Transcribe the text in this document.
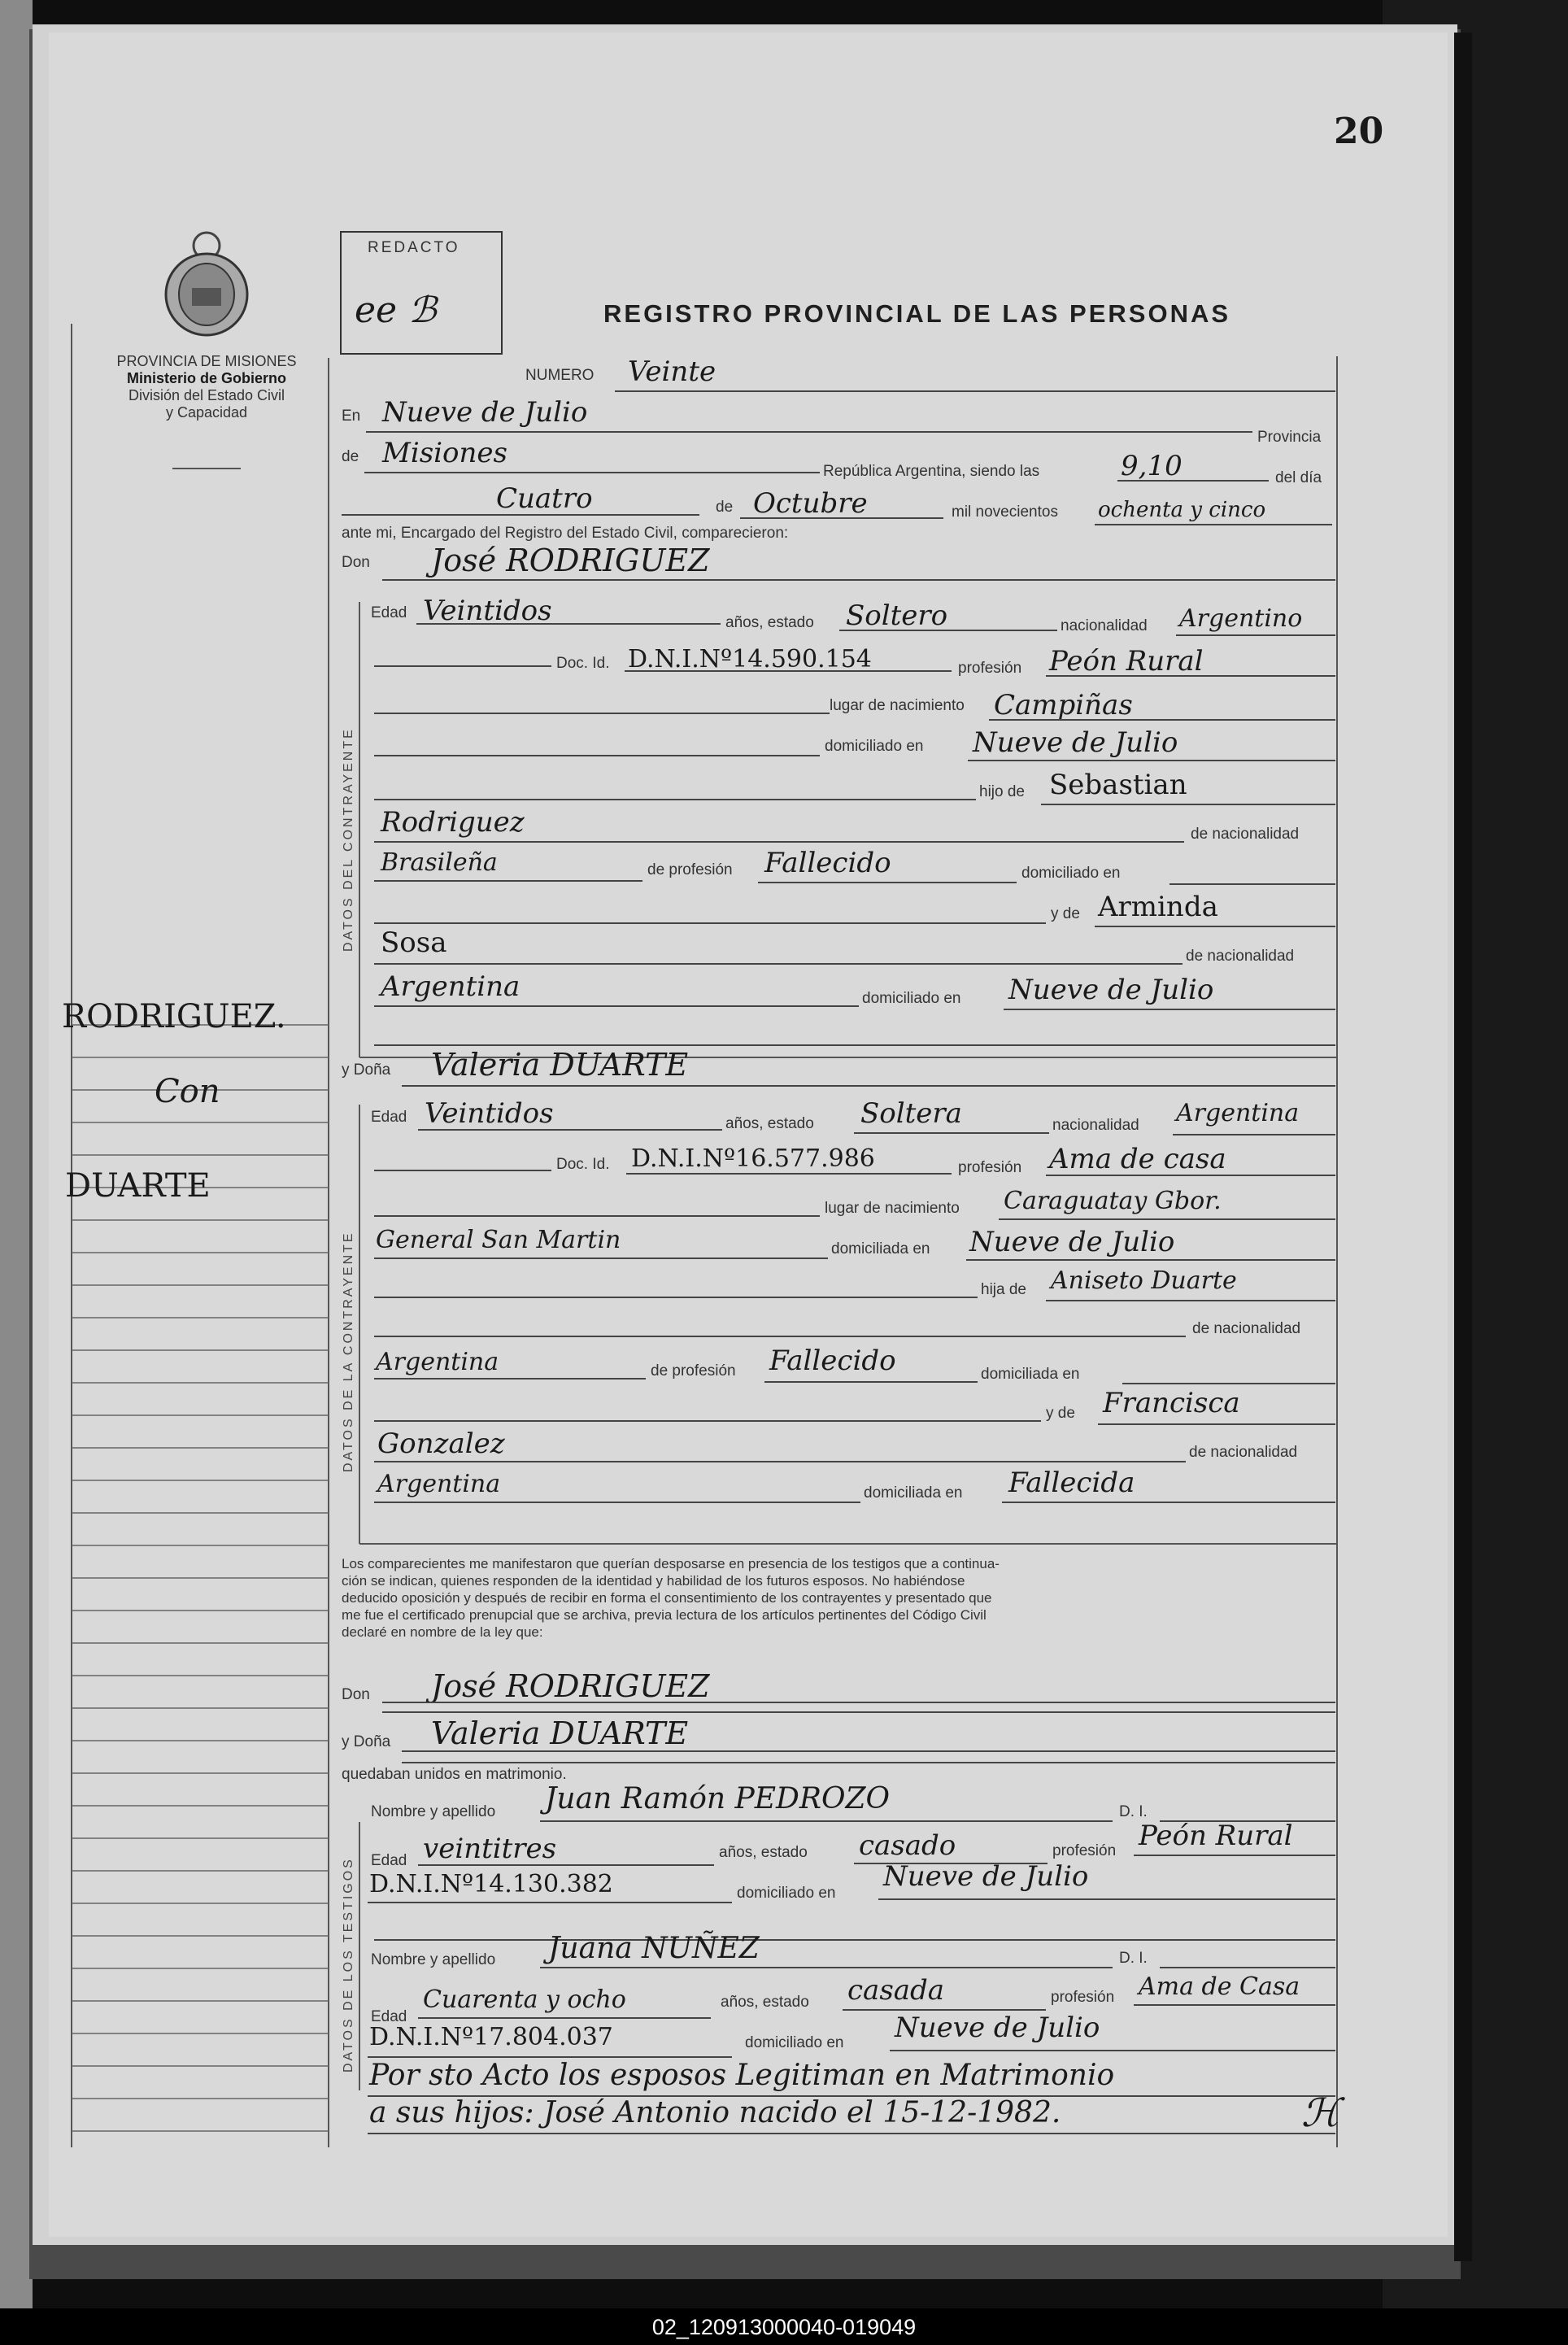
20
REDACTO
ee ℬ	REGISTRO PROVINCIAL DE LAS PERSONAS
PROVINCIA DE MISIONES
Ministerio de Gobierno
División del Estado Civil
y Capacidad
RODRIGUEZ.
Con
DUARTE
DATOS DEL CONTRAYENTE
DATOS DE LA CONTRAYENTE
DATOS DE LOS TESTIGOS
NUMERO Veinte
En Nueve de Julio
Provincia
de Misiones
República Argentina, siendo las	9,10	del día
Cuatro	de Octubre	mil novecientos ochenta y cinco
ante mi, Encargado del Registro del Estado Civil, comparecieron:
Don José RODRIGUEZ
Edad Veintidos	años, estado Soltero	nacionalidad Argentino
Doc. Id. D.N.I.Nº14.590.154	profesión Peón Rural
lugar de nacimiento Campiñas
domiciliado en Nueve de Julio
hijo de Sebastian
Rodriguez	de nacionalidad
Brasileña	de profesión Fallecido	domiciliado en
y de Arminda
Sosa	de nacionalidad
Argentina	domiciliado en Nueve de Julio
y Doña Valeria DUARTE
Edad Veintidos	años, estado Soltera	nacionalidad Argentina
Doc. Id. D.N.I.Nº16.577.986	profesión Ama de casa
lugar de nacimiento Caraguatay Gbor.
General San Martin	domiciliada en Nueve de Julio
hija de Aniseto Duarte
de nacionalidad
Argentina	de profesión Fallecido	domiciliada en
y de Francisca
Gonzalez	de nacionalidad
Argentina	domiciliada en Fallecida
Los comparecientes me manifestaron que querían desposarse en presencia de los testigos que a continua-
ción se indican, quienes responden de la identidad y habilidad de los futuros esposos. No habiéndose
deducido oposición y después de recibir en forma el consentimiento de los contrayentes y presentado que
me fue el certificado prenupcial que se archiva, previa lectura de los artículos pertinentes del Código Civil
declaré en nombre de la ley que:
Don José RODRIGUEZ
y Doña Valeria DUARTE
quedaban unidos en matrimonio.
Nombre y apellido Juan Ramón PEDROZO	D. I.
Edad veintitres	años, estado casado	profesión Peón Rural
D.N.I.Nº14.130.382	domiciliado en
Nueve de Julio
Nombre y apellido Juana NUÑEZ	D. I.
Edad
Cuarenta y ocho	años, estado casada	profesión Ama de Casa
D.N.I.Nº17.804.037	domiciliado en Nueve de Julio
Por sto Acto los esposos Legitiman en Matrimonio
a sus hijos: José Antonio nacido el 15-12-1982.	ℋ
02_120913000040-019049
